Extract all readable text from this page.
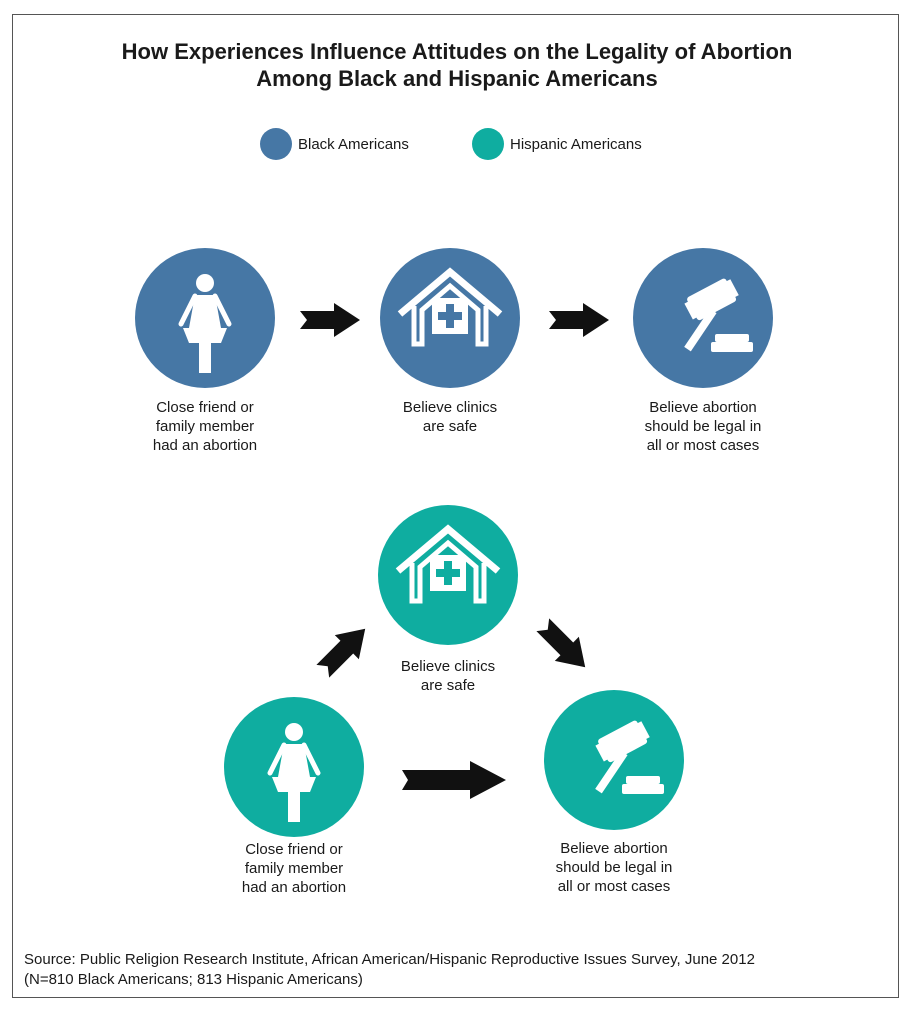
How Experiences Influence Attitudes on the Legality of Abortion
Among Black and Hispanic Americans
Black Americans	Hispanic Americans
Close friend or
family member
had an abortion
Believe clinics
are safe
Believe abortion
should be legal in
all or most cases
Believe clinics
are safe
Close friend or
family member
had an abortion
Believe abortion
should be legal in
all or most cases
Source: Public Religion Research Institute, African American/Hispanic Reproductive Issues Survey, June 2012
(N=810 Black Americans; 813 Hispanic Americans)
